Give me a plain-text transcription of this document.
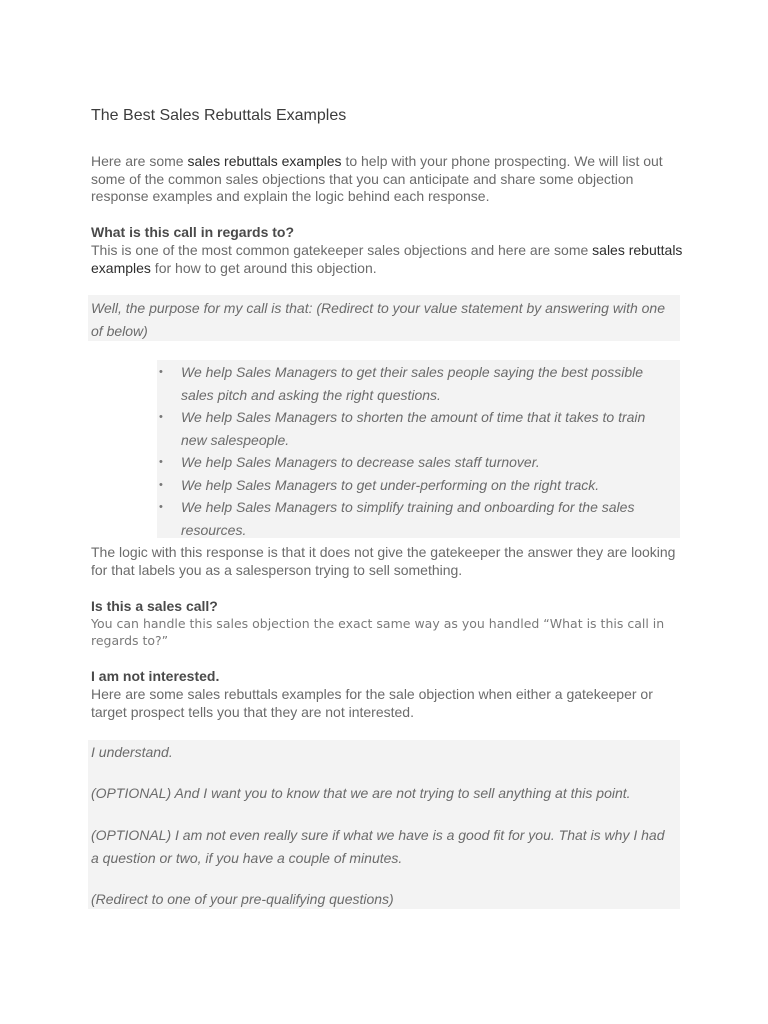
The Best Sales Rebuttals Examples

Here are some sales rebuttals examples to help with your phone prospecting. We will list out some of the common sales objections that you can anticipate and share some objection response examples and explain the logic behind each response.

What is this call in regards to?

This is one of the most common gatekeeper sales objections and here are some sales rebuttals examples for how to get around this objection.

Well, the purpose for my call is that: (Redirect to your value statement by answering with one of below)
• We help Sales Managers to get their sales people saying the best possible sales pitch and asking the right questions.
• We help Sales Managers to shorten the amount of time that it takes to train new salespeople.
• We help Sales Managers to decrease sales staff turnover.
• We help Sales Managers to get under-performing on the right track.
• We help Sales Managers to simplify training and onboarding for the sales resources.

The logic with this response is that it does not give the gatekeeper the answer they are looking for that labels you as a salesperson trying to sell something.

Is this a sales call?

You can handle this sales objection the exact same way as you handled “What is this call in regards to?”

I am not interested.

Here are some sales rebuttals examples for the sale objection when either a gatekeeper or target prospect tells you that they are not interested.

I understand.
(OPTIONAL) And I want you to know that we are not trying to sell anything at this point.
(OPTIONAL) I am not even really sure if what we have is a good fit for you. That is why I had a question or two, if you have a couple of minutes.
(Redirect to one of your pre-qualifying questions)
